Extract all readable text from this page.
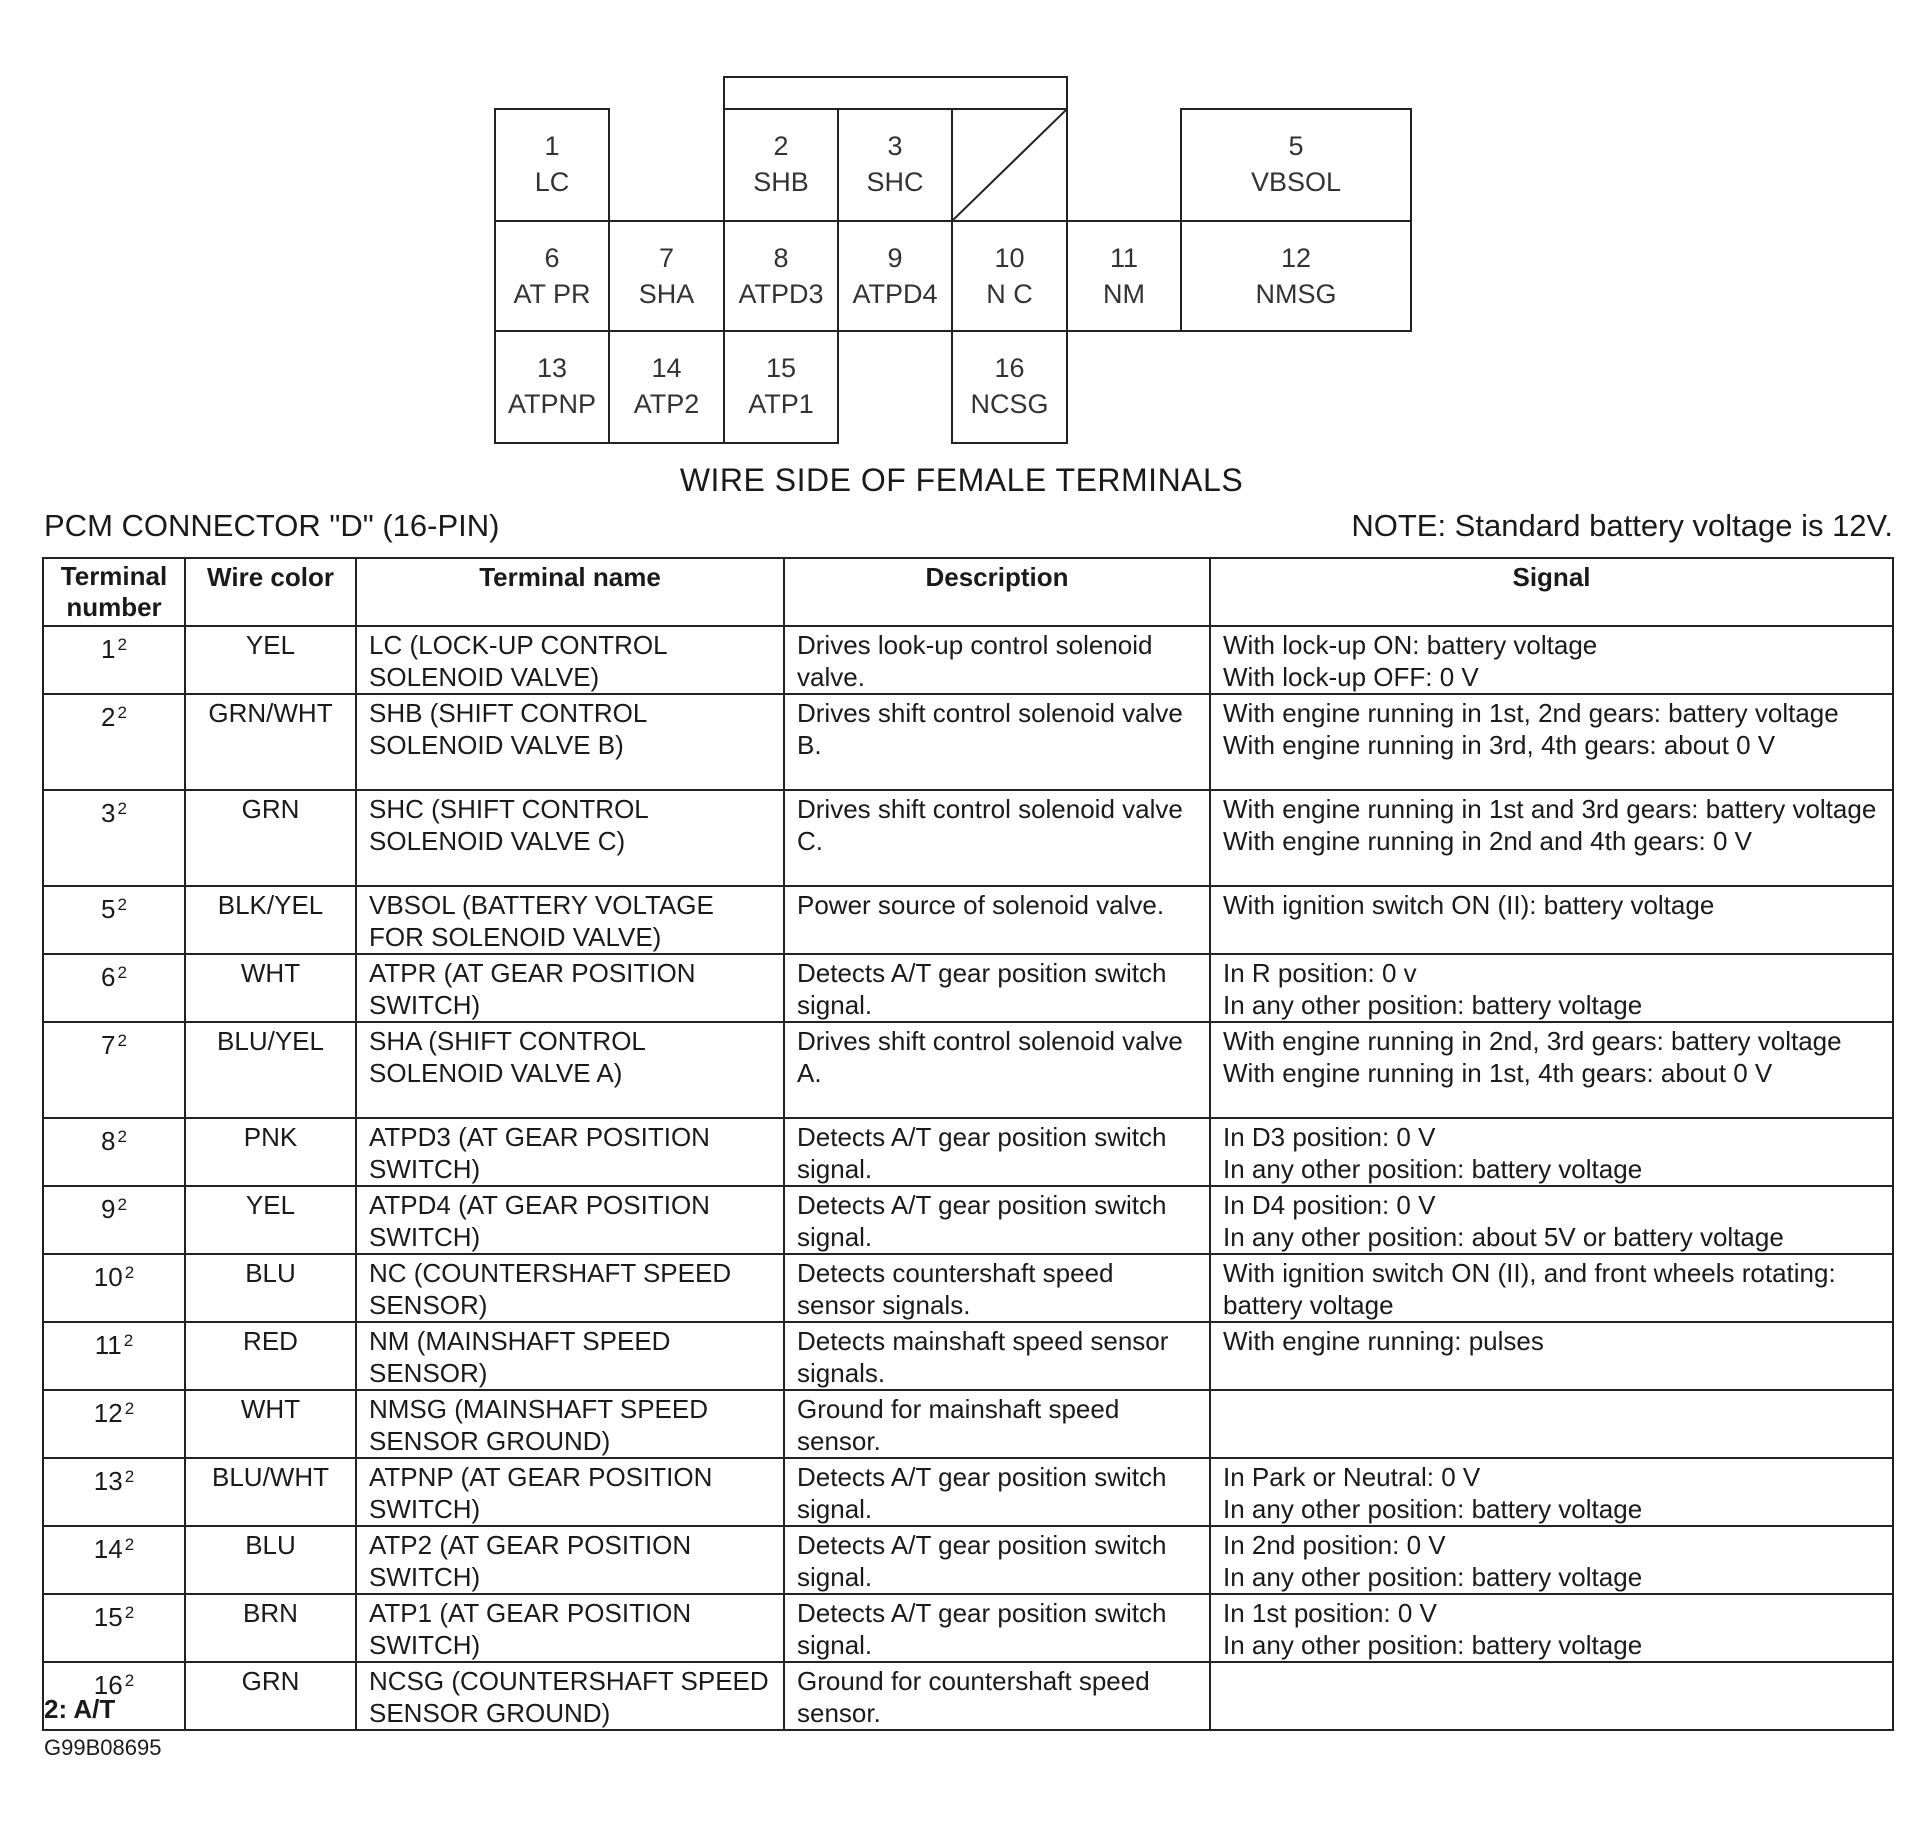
1
LC
2
SHB
3
SHC
5
VBSOL
6
AT PR
7
SHA
8
ATPD3
9
ATPD4
10
N C
11
NM
12
NMSG
13
ATPNP
14
ATP2
15
ATP1
16
NCSG
WIRE SIDE OF FEMALE TERMINALS
PCM CONNECTOR "D" (16-PIN)	NOTE: Standard battery voltage is 12V.
Terminal number	Wire color	Terminal name	Description	Signal
1 $^2$	YEL	LC (LOCK-UP CONTROL SOLENOID VALVE)	Drives look-up control solenoid valve.	With lock-up ON: battery voltage
With lock-up OFF: 0 V

2 $^2$	GRN/WHT	SHB (SHIFT CONTROL SOLENOID VALVE B)	Drives shift control solenoid valve B.	With engine running in 1st, 2nd gears: battery voltage
With engine running in 3rd, 4th gears: about 0 V

3 $^2$	GRN	SHC (SHIFT CONTROL SOLENOID VALVE C)	Drives shift control solenoid valve C.	With engine running in 1st and 3rd gears: battery voltage
With engine running in 2nd and 4th gears: 0 V

5 $^2$	BLK/YEL	VBSOL (BATTERY VOLTAGE FOR SOLENOID VALVE)	Power source of solenoid valve.	With ignition switch ON (II): battery voltage

6 $^2$	WHT	ATPR (AT GEAR POSITION SWITCH)	Detects A/T gear position switch signal.	In R position: 0 v
In any other position: battery voltage

7 $^2$	BLU/YEL	SHA (SHIFT CONTROL SOLENOID VALVE A)	Drives shift control solenoid valve A.	With engine running in 2nd, 3rd gears: battery voltage
With engine running in 1st, 4th gears: about 0 V

8 $^2$	PNK	ATPD3 (AT GEAR POSITION SWITCH)	Detects A/T gear position switch signal.	In D3 position: 0 V
In any other position: battery voltage

9 $^2$	YEL	ATPD4 (AT GEAR POSITION SWITCH)	Detects A/T gear position switch signal.	In D4 position: 0 V
In any other position: about 5V or battery voltage

10 $^2$	BLU	NC (COUNTERSHAFT SPEED SENSOR)	Detects countershaft speed sensor signals.	With ignition switch ON (II), and front wheels rotating: battery voltage

11 $^2$	RED	NM (MAINSHAFT SPEED SENSOR)	Detects mainshaft speed sensor signals.	With engine running: pulses

12 $^2$	WHT	NMSG (MAINSHAFT SPEED SENSOR GROUND)	Ground for mainshaft speed sensor.	
13 $^2$	BLU/WHT	ATPNP (AT GEAR POSITION SWITCH)	Detects A/T gear position switch signal.	In Park or Neutral: 0 V
In any other position: battery voltage

14 $^2$	BLU	ATP2 (AT GEAR POSITION SWITCH)	Detects A/T gear position switch signal.	In 2nd position: 0 V
In any other position: battery voltage

15 $^2$	BRN	ATP1 (AT GEAR POSITION SWITCH)	Detects A/T gear position switch signal.	In 1st position: 0 V
In any other position: battery voltage

16 $^2$	GRN	NCSG (COUNTERSHAFT SPEED SENSOR GROUND)	Ground for countershaft speed sensor.	
2: A/T
G99B08695
